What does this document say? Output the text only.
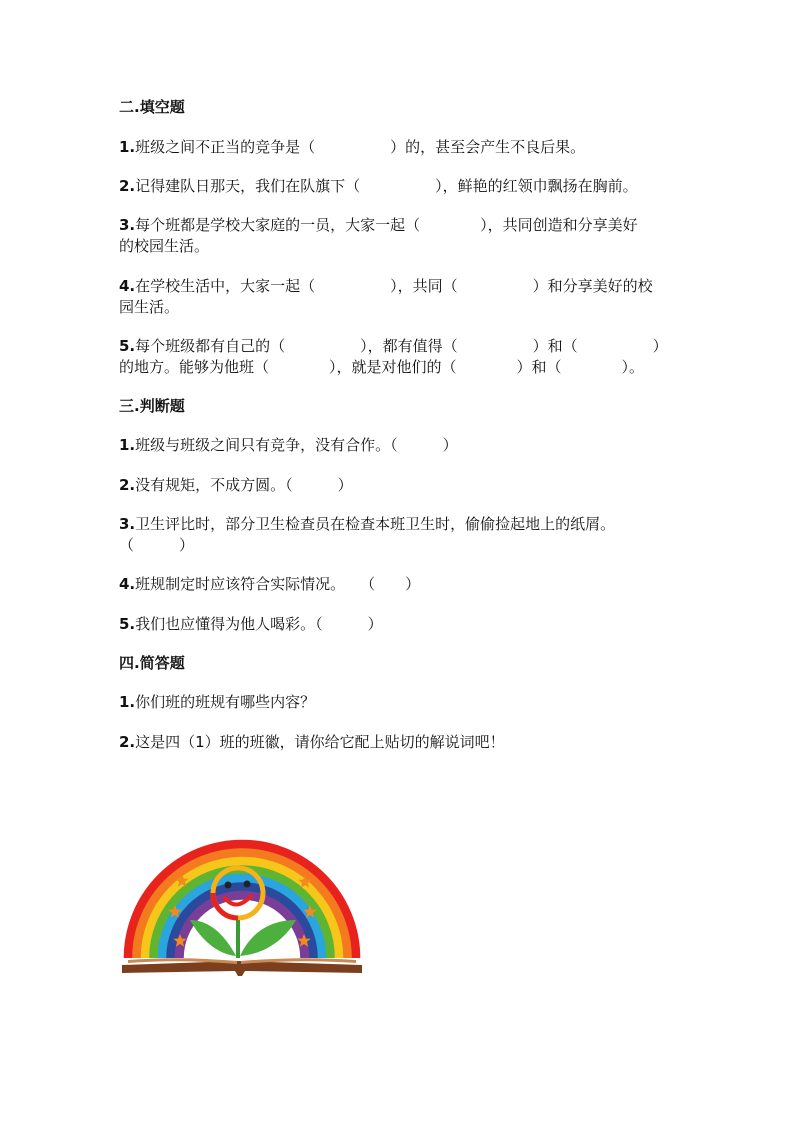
二.填空题

1.班级之间不正当的竞争是（　　　　　）的，甚至会产生不良后果。

2.记得建队日那天，我们在队旗下（　　　　　），鲜艳的红领巾飘扬在胸前。

3.每个班都是学校大家庭的一员，大家一起（　　　　），共同创造和分享美好

的校园生活。

4.在学校生活中，大家一起（　　　　　），共同（　　　　　）和分享美好的校

园生活。

5.每个班级都有自己的（　　　　　），都有值得（　　　　　）和（　　　　　）

的地方。能够为他班（　　　　），就是对他们的（　　　　）和（　　　　）。

三.判断题

1.班级与班级之间只有竞争，没有合作。（　　　）

2.没有规矩，不成方圆。（　　　）

3.卫生评比时，部分卫生检查员在检查本班卫生时，偷偷捡起地上的纸屑。

（　　　）

4.班规制定时应该符合实际情况。　　（　　）

5.我们也应懂得为他人喝彩。（　　　）

四.简答题

1.你们班的班规有哪些内容？

2.这是四（1）班的班徽，请你给它配上贴切的解说词吧！
